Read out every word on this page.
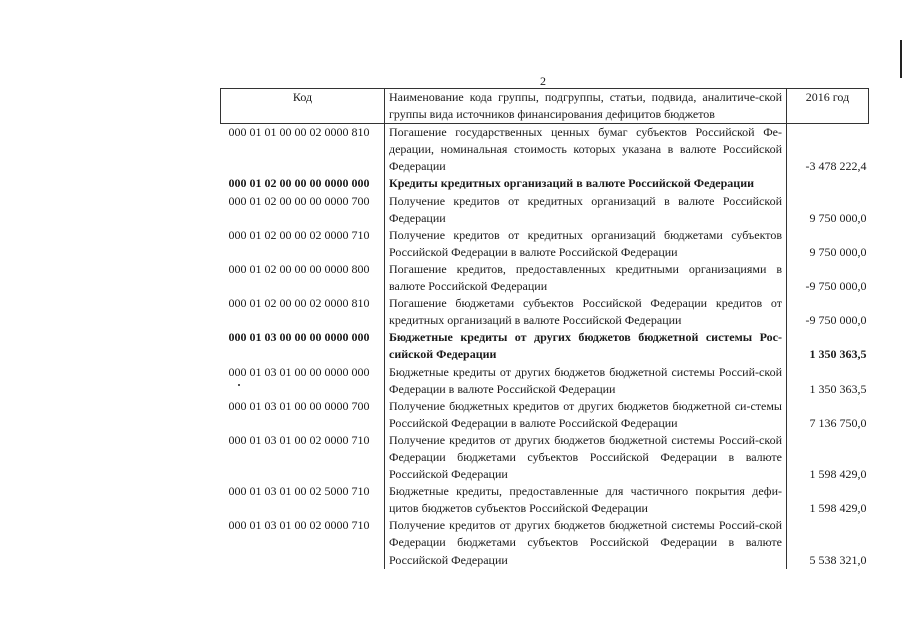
2
Код	Наименование кода группы, подгруппы, статьи, подвида, аналитиче-ской группы вида источников финансирования дефицитов бюджетов	2016 год
000 01 01 00 00 02 0000 810	Погашение государственных ценных бумаг субъектов Российской Фе-дерации, номинальная стоимость которых указана в валюте Российской Федерации	-3 478 222,4
000 01 02 00 00 00 0000 000	Кредиты кредитных организаций в валюте Российской Федерации	
000 01 02 00 00 00 0000 700	Получение кредитов от кредитных организаций в валюте Российской Федерации	9 750 000,0
000 01 02 00 00 02 0000 710	Получение кредитов от кредитных организаций бюджетами субъектов Российской Федерации в валюте Российской Федерации	9 750 000,0
000 01 02 00 00 00 0000 800	Погашение кредитов, предоставленных кредитными организациями в валюте Российской Федерации	-9 750 000,0
000 01 02 00 00 02 0000 810	Погашение бюджетами субъектов Российской Федерации кредитов от кредитных организаций в валюте Российской Федерации	-9 750 000,0
000 01 03 00 00 00 0000 000	Бюджетные кредиты от других бюджетов бюджетной системы Рос-сийской Федерации	1 350 363,5
000 01 03 01 00 00 0000 000	Бюджетные кредиты от других бюджетов бюджетной системы Россий-ской Федерации в валюте Российской Федерации	1 350 363,5
000 01 03 01 00 00 0000 700	Получение бюджетных кредитов от других бюджетов бюджетной си-стемы Российской Федерации в валюте Российской Федерации	7 136 750,0
000 01 03 01 00 02 0000 710	Получение кредитов от других бюджетов бюджетной системы Россий-ской Федерации бюджетами субъектов Российской Федерации в валюте Российской Федерации	1 598 429,0
000 01 03 01 00 02 5000 710	Бюджетные кредиты, предоставленные для частичного покрытия дефи-цитов бюджетов субъектов Российской Федерации	1 598 429,0
000 01 03 01 00 02 0000 710	Получение кредитов от других бюджетов бюджетной системы Россий-ской Федерации бюджетами субъектов Российской Федерации в валюте Российской Федерации	5 538 321,0
